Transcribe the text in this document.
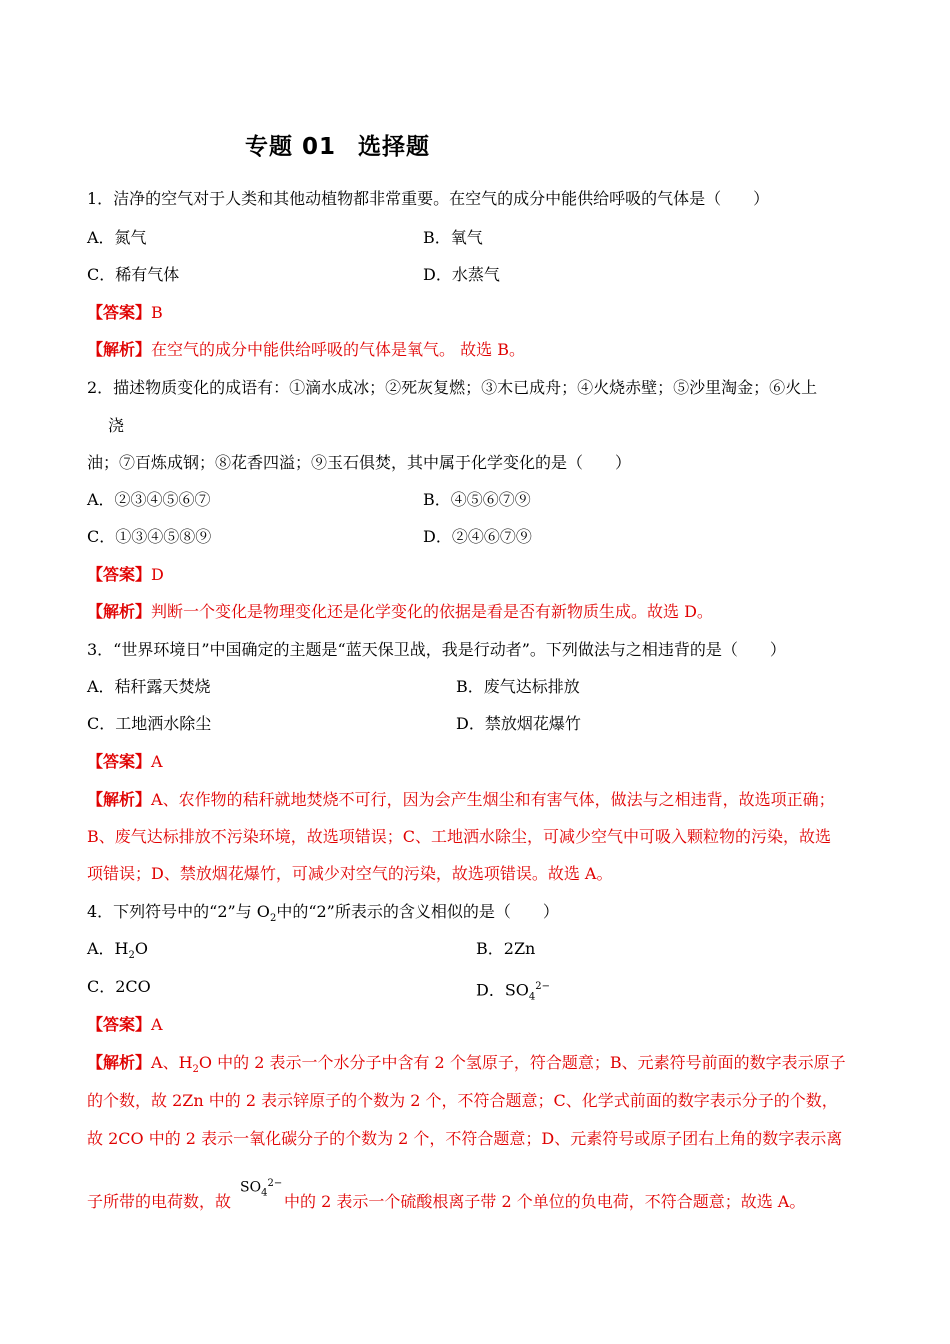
专题 01 选择题
1．洁净的空气对于人类和其他动植物都非常重要。在空气的成分中能供给呼吸的气体是（　　）
A．氮气	B．氧气
C．稀有气体	D．水蒸气
【答案】B
【解析】在空气的成分中能供给呼吸的气体是氧气。 故选 B。
2．描述物质变化的成语有：①滴水成冰；②死灰复燃；③木已成舟；④火烧赤壁；⑤沙里淘金；⑥火上
浇
油；⑦百炼成钢；⑧花香四溢；⑨玉石俱焚，其中属于化学变化的是（　　）
A．②③④⑤⑥⑦	B．④⑤⑥⑦⑨
C．①③④⑤⑧⑨	D．②④⑥⑦⑨
【答案】D
【解析】判断一个变化是物理变化还是化学变化的依据是看是否有新物质生成。故选 D。
3．“世界环境日”中国确定的主题是“蓝天保卫战，我是行动者”。下列做法与之相违背的是（　　）
A．秸秆露天焚烧	B．废气达标排放
C．工地洒水除尘	D．禁放烟花爆竹
【答案】A
【解析】A、农作物的秸秆就地焚烧不可行，因为会产生烟尘和有害气体，做法与之相违背，故选项正确；
B、废气达标排放不污染环境，故选项错误；C、工地洒水除尘，可减少空气中可吸入颗粒物的污染，故选
项错误；D、禁放烟花爆竹，可减少对空气的污染，故选项错误。故选 A。
4．下列符号中的“2”与 $O_2$中的“2”所表示的含义相似的是（　　）
A．$H_2O$	B．2Zn
C．2CO	D．$SO_4^{2-}$
【答案】A
【解析】A、$H_2O$ 中的 2 表示一个水分子中含有 2 个氢原子，符合题意；B、元素符号前面的数字表示原子
的个数，故 2Zn 中的 2 表示锌原子的个数为 2 个，不符合题意；C、化学式前面的数字表示分子的个数，
故 2CO 中的 2 表示一氧化碳分子的个数为 2 个，不符合题意；D、元素符号或原子团右上角的数字表示离
子所带的电荷数，故
$SO_4^{2-}$
中的 2 表示一个硫酸根离子带 2 个单位的负电荷，不符合题意；故选 A。
